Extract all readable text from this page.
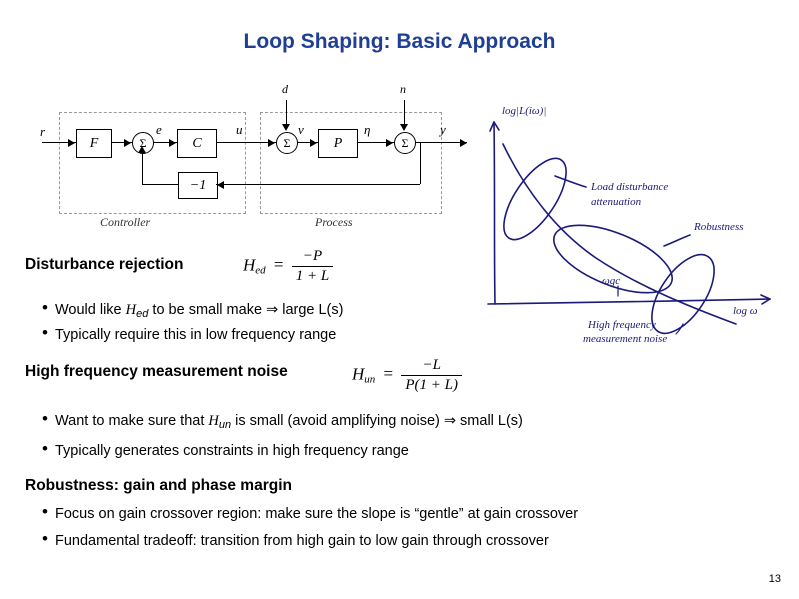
Loop Shaping: Basic Approach
Controller	Process
F	C	P
−1
Σ	Σ	Σ
d	n
r	e	u	ν	η	y
log|L(iω)|
log ω
ωgc
Load disturbance
attenuation
Robustness
High frequency
measurement noise
Disturbance rejection	$H_{ed} = \frac{-P}{1 + L}$
• Would like $H_{ed}$ to be small make ⇒ large L(s)
• Typically require this in low frequency range
High frequency measurement noise	$H_{un} = \frac{-L}{P(1 + L)}$
• Want to make sure that $H_{un}$ is small (avoid amplifying noise) ⇒ small L(s)
• Typically generates constraints in high frequency range
Robustness: gain and phase margin
• Focus on gain crossover region: make sure the slope is “gentle” at gain crossover
• Fundamental tradeoff: transition from high gain to low gain through crossover
13
